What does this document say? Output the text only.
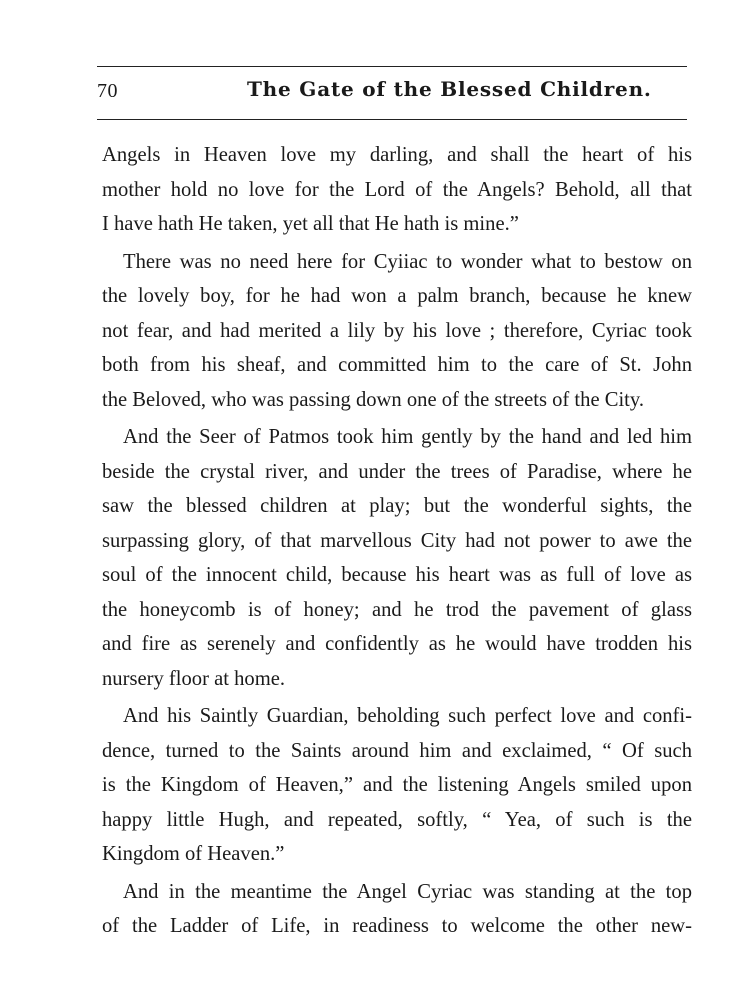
70	The Gate of the Blessed Children.
Angels in Heaven love my darling, and shall the heart of his
mother hold no love for the Lord of the Angels? Behold, all that
I have hath He taken, yet all that He hath is mine.”
There was no need here for Cyiiac to wonder what to bestow on
the lovely boy, for he had won a palm branch, because he knew
not fear, and had merited a lily by his love ; therefore, Cyriac took
both from his sheaf, and committed him to the care of St. John
the Beloved, who was passing down one of the streets of the City.
And the Seer of Patmos took him gently by the hand and led him
beside the crystal river, and under the trees of Paradise, where he
saw the blessed children at play; but the wonderful sights, the
surpassing glory, of that marvellous City had not power to awe the
soul of the innocent child, because his heart was as full of love as
the honeycomb is of honey; and he trod the pavement of glass
and fire as serenely and confidently as he would have trodden his
nursery floor at home.
And his Saintly Guardian, beholding such perfect love and confi-
dence, turned to the Saints around him and exclaimed, “ Of such
is the Kingdom of Heaven,” and the listening Angels smiled upon
happy little Hugh, and repeated, softly, “ Yea, of such is the
Kingdom of Heaven.”
And in the meantime the Angel Cyriac was standing at the top
of the Ladder of Life, in readiness to welcome the other new-
